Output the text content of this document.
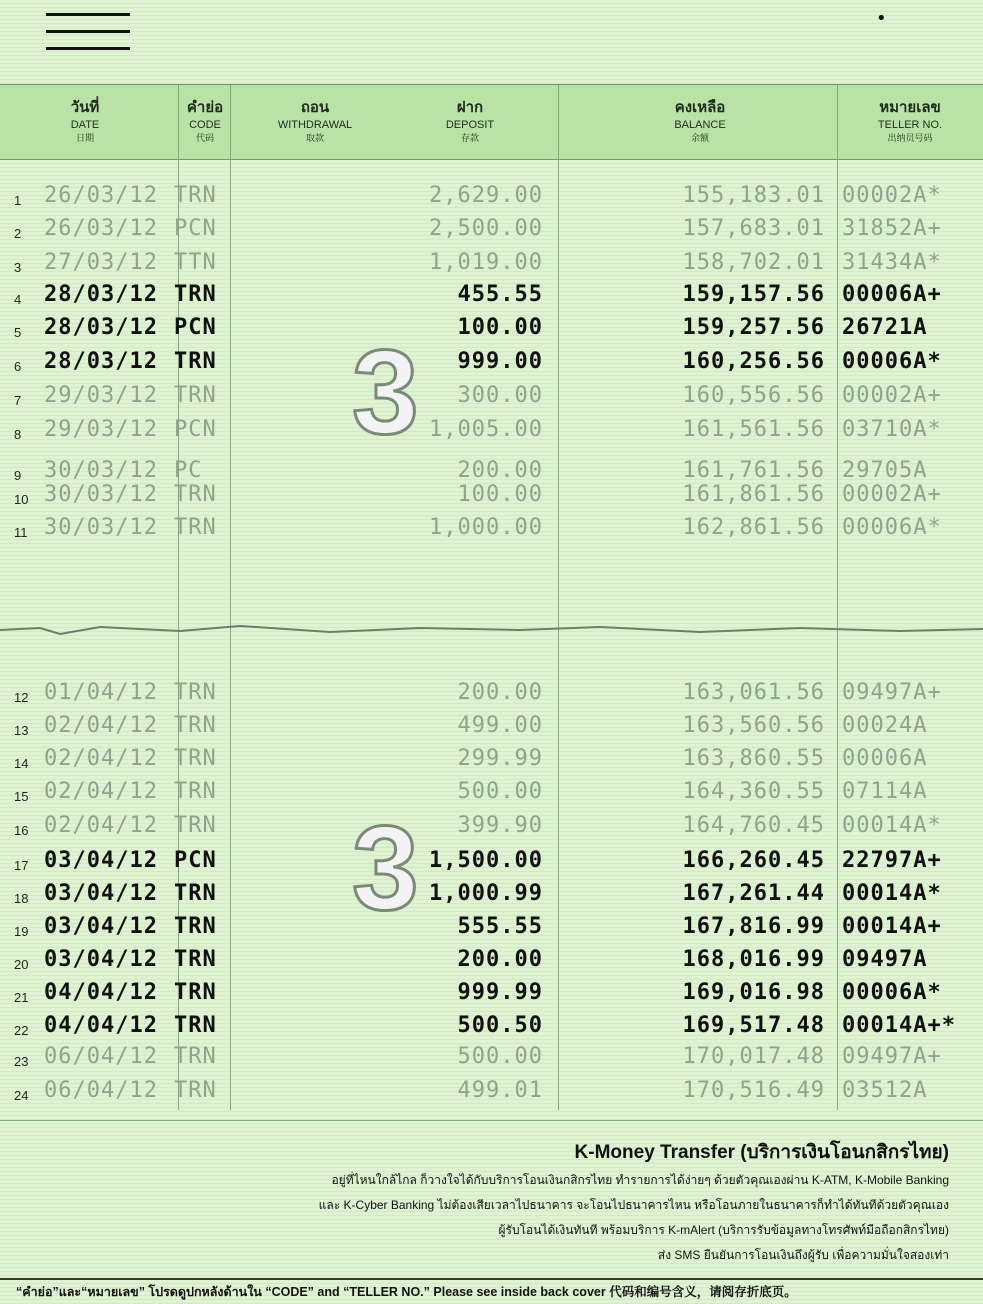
•
วันที่
DATE
日期
คำย่อ
CODE
代码
ถอน
WITHDRAWAL
取款
ฝาก
DEPOSIT
存款
คงเหลือ
BALANCE
余额
หมายเลข
TELLER NO.
出纳员号码
3
3
1 26/03/12 TRN	2,629.00	155,183.01 00002A*
2 26/03/12 PCN	2,500.00	157,683.01 31852A+
3 27/03/12 TTN	1,019.00	158,702.01 31434A*
4 28/03/12 TRN	455.55	159,157.56 00006A+
5 28/03/12 PCN	100.00	159,257.56 26721A
6 28/03/12 TRN	999.00	160,256.56 00006A*
7 29/03/12 TRN	300.00	160,556.56 00002A+
8 29/03/12 PCN	1,005.00	161,561.56 03710A*
9 30/03/12 PC	200.00	161,761.56 29705A
10 30/03/12 TRN	100.00	161,861.56 00002A+
11 30/03/12 TRN	1,000.00	162,861.56 00006A*
12 01/04/12 TRN	200.00	163,061.56 09497A+
13 02/04/12 TRN	499.00	163,560.56 00024A
14 02/04/12 TRN	299.99	163,860.55 00006A
15 02/04/12 TRN	500.00	164,360.55 07114A
16 02/04/12 TRN	399.90	164,760.45 00014A*
17 03/04/12 PCN	1,500.00	166,260.45 22797A+
18 03/04/12 TRN	1,000.99	167,261.44 00014A*
19 03/04/12 TRN	555.55	167,816.99 00014A+
20 03/04/12 TRN	200.00	168,016.99 09497A
21 04/04/12 TRN	999.99	169,016.98 00006A*
22 04/04/12 TRN	500.50	169,517.48 00014A+*
23 06/04/12 TRN	500.00	170,017.48 09497A+
24 06/04/12 TRN	499.01	170,516.49 03512A
K-Money Transfer (บริการเงินโอนกสิกรไทย)
อยู่ที่ไหนใกล้ไกล ก็วางใจได้กับบริการโอนเงินกสิกรไทย ทำรายการได้ง่ายๆ ด้วยตัวคุณเองผ่าน K-ATM, K-Mobile Banking
และ K-Cyber Banking ไม่ต้องเสียเวลาไปธนาคาร จะโอนไปธนาคารไหน หรือโอนภายในธนาคารก็ทำได้ทันทีด้วยตัวคุณเอง
ผู้รับโอนได้เงินทันที พร้อมบริการ K-mAlert (บริการรับข้อมูลทางโทรศัพท์มือถือกสิกรไทย)
ส่ง SMS ยืนยันการโอนเงินถึงผู้รับ เพื่อความมั่นใจสองเท่า
“คำย่อ”และ“หมายเลข” โปรดดูปกหลังด้านใน “CODE” and “TELLER NO.” Please see inside back cover 代码和编号含义，请阅存折底页。
